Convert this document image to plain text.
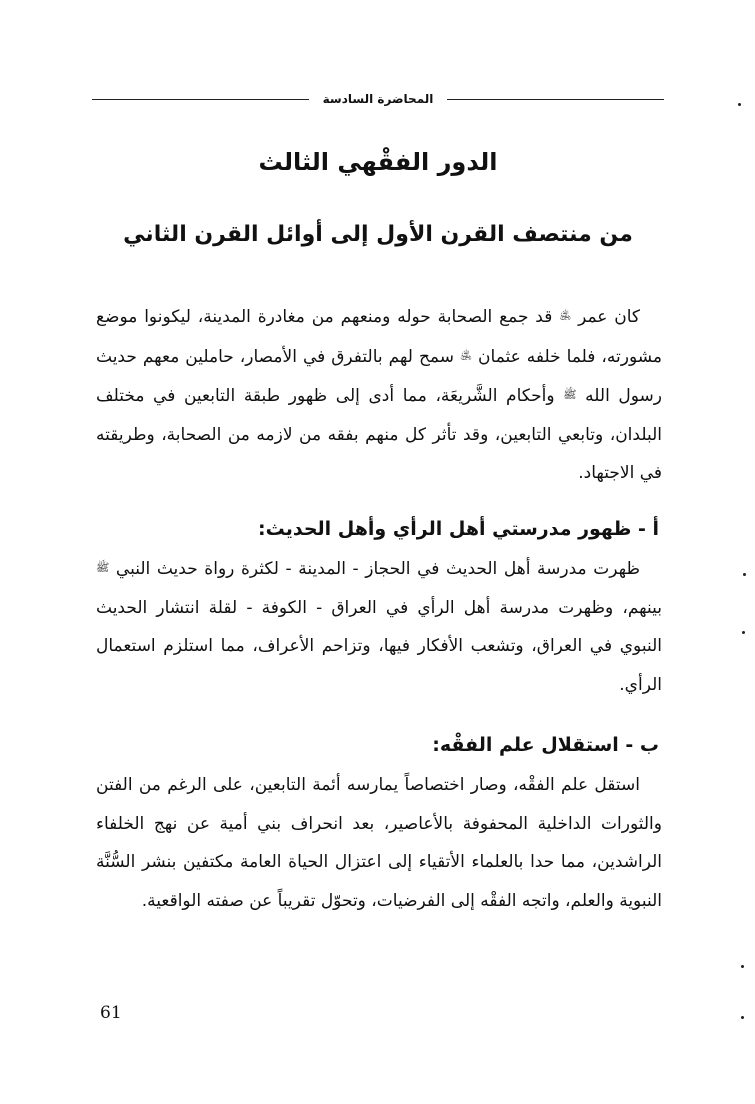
المحاضرة السادسة
الدور الفقْهي الثالث
من منتصف القرن الأول إلى أوائل القرن الثاني
كان عمر ﵁ قد جمع الصحابة حوله ومنعهم من مغادرة المدينة، ليكونوا موضع مشورته، فلما خلفه عثمان ﵁ سمح لهم بالتفرق في الأمصار، حاملين معهم حديث رسول الله ﷺ وأحكام الشَّريعَة، مما أدى إلى ظهور طبقة التابعين في مختلف البلدان، وتابعي التابعين، وقد تأثر كل منهم بفقه من لازمه من الصحابة، وطريقته في الاجتهاد.
أ - ظهور مدرستي أهل الرأي وأهل الحديث:
ظهرت مدرسة أهل الحديث في الحجاز - المدينة - لكثرة رواة حديث النبي ﷺ بينهم، وظهرت مدرسة أهل الرأي في العراق - الكوفة - لقلة انتشار الحديث النبوي في العراق، وتشعب الأفكار فيها، وتزاحم الأعراف، مما استلزم استعمال الرأي.
ب - استقلال علم الفقْه:
استقل علم الفقْه، وصار اختصاصاً يمارسه أئمة التابعين، على الرغم من الفتن والثورات الداخلية المحفوفة بالأعاصير، بعد انحراف بني أمية عن نهج الخلفاء الراشدين، مما حدا بالعلماء الأتقياء إلى اعتزال الحياة العامة مكتفين بنشر السُّنَّة النبوية والعلم، واتجه الفقْه إلى الفرضيات، وتحوّل تقريباً عن صفته الواقعية.
61
